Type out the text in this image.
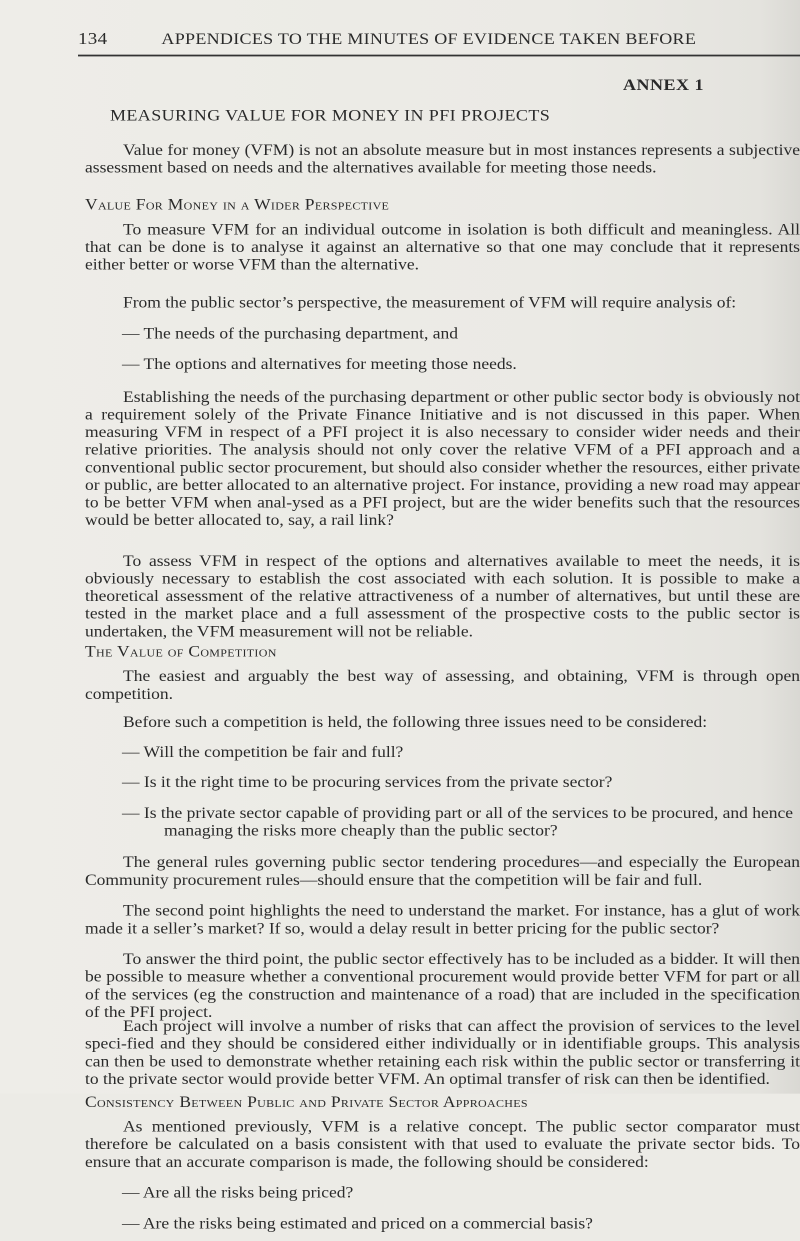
134	APPENDICES TO THE MINUTES OF EVIDENCE TAKEN BEFORE
ANNEX 1
MEASURING VALUE FOR MONEY IN PFI PROJECTS
Value for money (VFM) is not an absolute measure but in most instances represents a subjective assessment based on needs and the alternatives available for meeting those needs.
Value For Money in a Wider Perspective
To measure VFM for an individual outcome in isolation is both difficult and meaningless. All that can be done is to analyse it against an alternative so that one may conclude that it represents either better or worse VFM than the alternative.
From the public sector’s perspective, the measurement of VFM will require analysis of:
— The needs of the purchasing department, and
— The options and alternatives for meeting those needs.
Establishing the needs of the purchasing department or other public sector body is obviously not a requirement solely of the Private Finance Initiative and is not discussed in this paper. When measuring VFM in respect of a PFI project it is also necessary to consider wider needs and their relative priorities. The analysis should not only cover the relative VFM of a PFI approach and a conventional public sector procurement, but should also consider whether the resources, either private or public, are better allocated to an alternative project. For instance, providing a new road may appear to be better VFM when anal-ysed as a PFI project, but are the wider benefits such that the resources would be better allocated to, say, a rail link?
To assess VFM in respect of the options and alternatives available to meet the needs, it is obviously necessary to establish the cost associated with each solution. It is possible to make a theoretical assessment of the relative attractiveness of a number of alternatives, but until these are tested in the market place and a full assessment of the prospective costs to the public sector is undertaken, the VFM measurement will not be reliable.
The Value of Competition
The easiest and arguably the best way of assessing, and obtaining, VFM is through open competition.
Before such a competition is held, the following three issues need to be considered:
— Will the competition be fair and full?
— Is it the right time to be procuring services from the private sector?
— Is the private sector capable of providing part or all of the services to be procured, and hence managing the risks more cheaply than the public sector?
The general rules governing public sector tendering procedures—and especially the European Community procurement rules—should ensure that the competition will be fair and full.
The second point highlights the need to understand the market. For instance, has a glut of work made it a seller’s market? If so, would a delay result in better pricing for the public sector?
To answer the third point, the public sector effectively has to be included as a bidder. It will then be possible to measure whether a conventional procurement would provide better VFM for part or all of the services (eg the construction and maintenance of a road) that are included in the specification of the PFI project.
Each project will involve a number of risks that can affect the provision of services to the level speci-fied and they should be considered either individually or in identifiable groups. This analysis can then be used to demonstrate whether retaining each risk within the public sector or transferring it to the private sector would provide better VFM. An optimal transfer of risk can then be identified.
Consistency Between Public and Private Sector Approaches
As mentioned previously, VFM is a relative concept. The public sector comparator must therefore be calculated on a basis consistent with that used to evaluate the private sector bids. To ensure that an accurate comparison is made, the following should be considered:
— Are all the risks being priced?
— Are the risks being estimated and priced on a commercial basis?
